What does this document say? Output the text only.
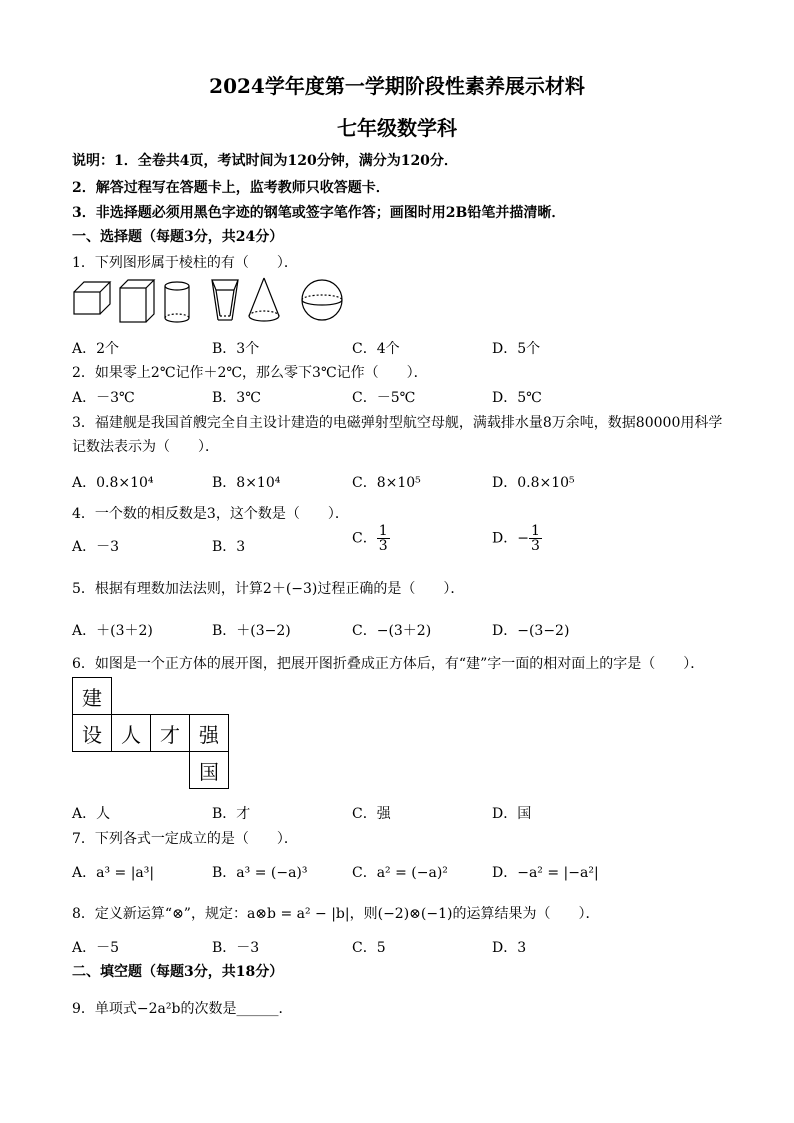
2024学年度第一学期阶段性素养展示材料
七年级数学科
说明：1．全卷共4页，考试时间为120分钟，满分为120分．
2．解答过程写在答题卡上，监考教师只收答题卡．
3．非选择题必须用黑色字迹的钢笔或签字笔作答；画图时用2B铅笔并描清晰．
一、选择题（每题3分，共24分）
1．下列图形属于棱柱的有（　　）．
A．2个	B．3个	C．4个	D．5个
2．如果零上2℃记作＋2℃，那么零下3℃记作（　　）．
A．－3℃	B．3℃	C．－5℃	D．5℃
3．福建舰是我国首艘完全自主设计建造的电磁弹射型航空母舰，满载排水量8万余吨，数据80000用科学
记数法表示为（　　）．
A．0.8×10⁴	B．8×10⁴	C．8×10⁵	D．0.8×10⁵
4．一个数的相反数是3，这个数是（　　）．
A．－3	B．3
C． $\frac{1}{3}$	D．− $\frac{1}{3}$
5．根据有理数加法法则，计算2＋(−3)过程正确的是（　　）．
A．＋(3＋2)	B．＋(3−2)	C．−(3＋2)	D．−(3−2)
6．如图是一个正方体的展开图，把展开图折叠成正方体后，有“建”字一面的相对面上的字是（　　）．
建			
设	人	才	强
			国
A．人	B．才	C．强	D．国
7．下列各式一定成立的是（　　）．
A．a³ = |a³|	B．a³ = (−a)³	C．a² = (−a)²	D．−a² = |−a²|
8．定义新运算“⊗”，规定：a⊗b = a² − |b|，则(−2)⊗(−1)的运算结果为（　　）．
A．－5	B．－3	C．5	D．3
二、填空题（每题3分，共18分）
9．单项式−2a²b的次数是______．
